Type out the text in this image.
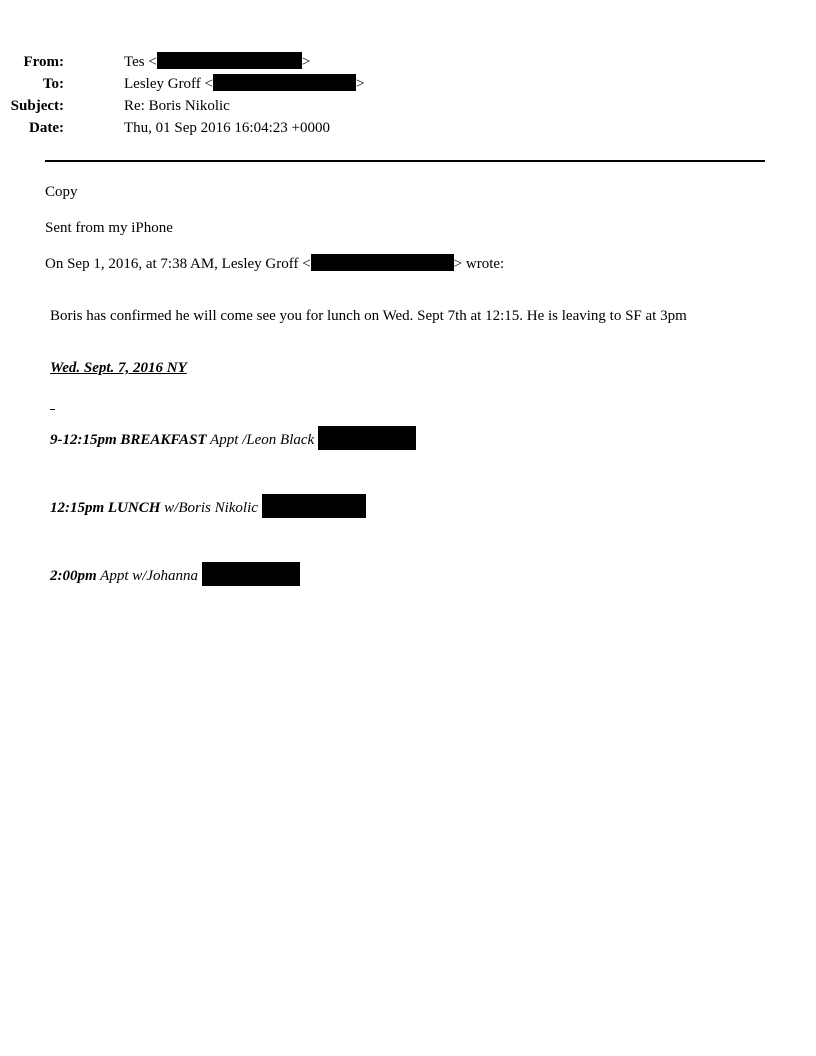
From:	Tes <	>
To:	Lesley Groff <	>
Subject:	Re: Boris Nikolic
Date:	Thu, 01 Sep 2016 16:04:23 +0000
Copy
Sent from my iPhone
On Sep 1, 2016, at 7:38 AM, Lesley Groff <	> wrote:
Boris has confirmed he will come see you for lunch on Wed. Sept 7th at 12:15. He is leaving to SF at 3pm
Wed. Sept. 7, 2016 NY
9-12:15pm BREAKFAST Appt /Leon Black
12:15pm LUNCH w/Boris Nikolic
2:00pm Appt w/Johanna
